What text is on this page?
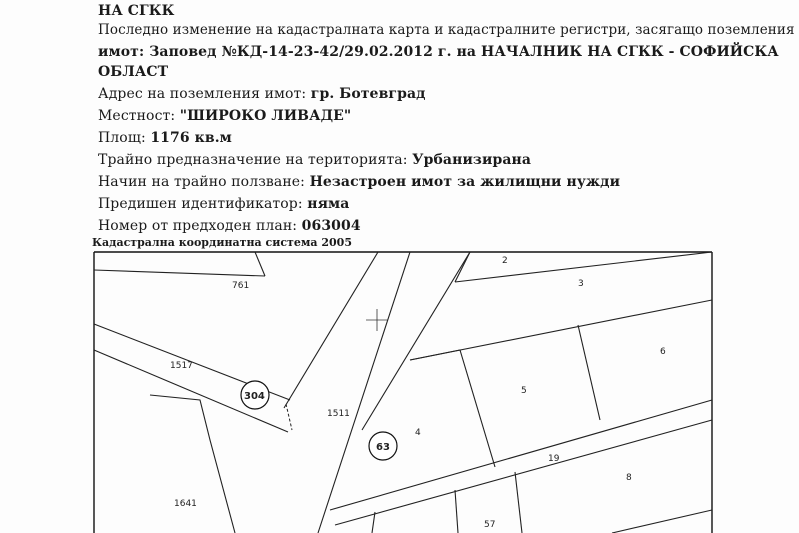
НА СГКК
Последно изменение на кадастралната карта и кадастралните регистри, засягащо поземления
имот: Заповед №КД-14-23-42/29.02.2012 г. на НАЧАЛНИК НА СГКК - СОФИЙСКА
ОБЛАСТ
Адрес на поземления имот: гр. Ботевград
Местност: "ШИРОКО ЛИВАДЕ"
Площ: 1176 кв.м
Трайно предназначение на територията: Урбанизирана
Начин на трайно ползване: Незастроен имот за жилищни нужди
Предишен идентификатор: няма
Номер от предходен план: 063004
Кадастрална координатна система 2005
761
1517
304
1511
63
4
2
3
5
6
19
8
1641
57
